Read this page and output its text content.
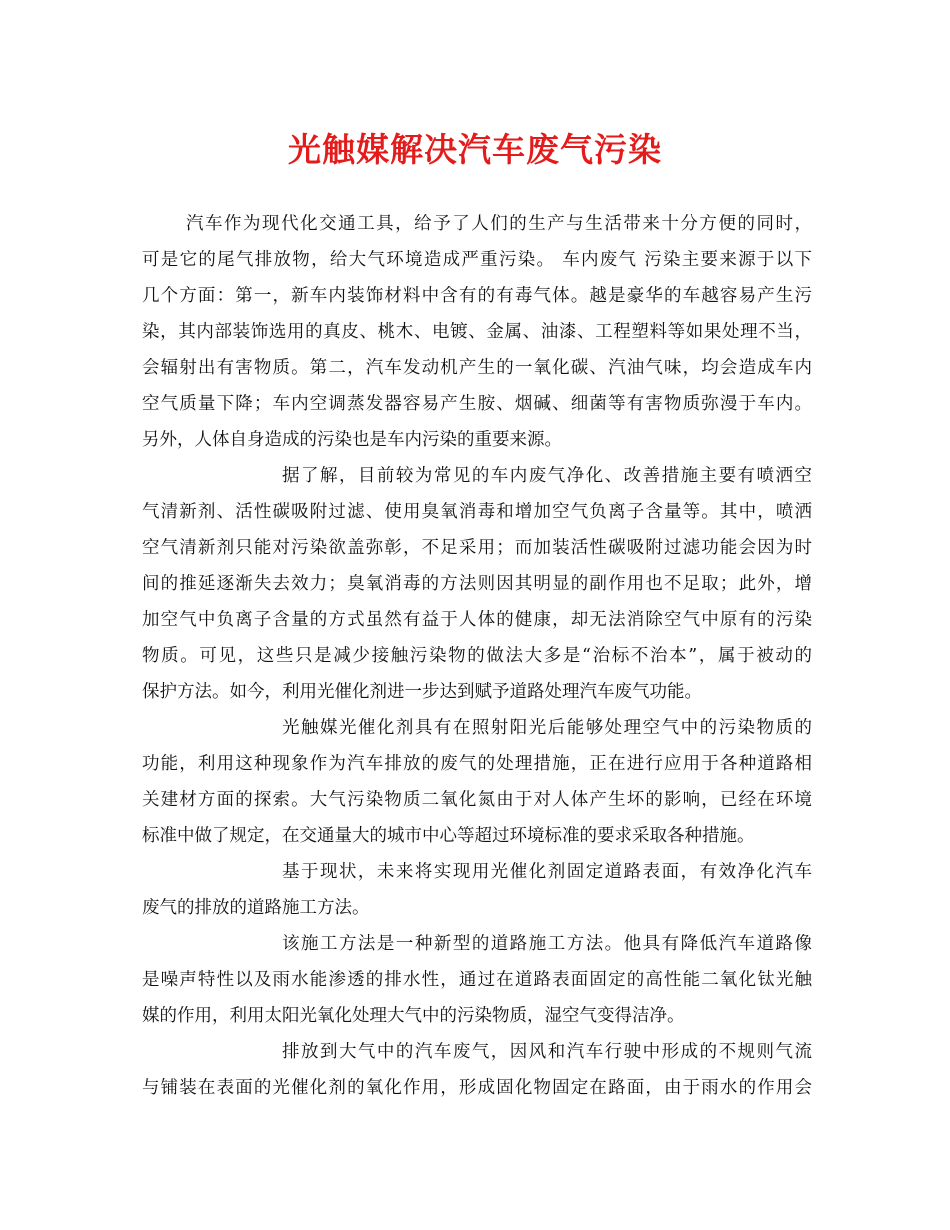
光触媒解决汽车废气污染
汽车作为现代化交通工具，给予了人们的生产与生活带来十分方便的同时，
可是它的尾气排放物，给大气环境造成严重污染。 车内废气 污染主要来源于以下
几个方面：第一，新车内装饰材料中含有的有毒气体。越是豪华的车越容易产生污
染，其内部装饰选用的真皮、桃木、电镀、金属、油漆、工程塑料等如果处理不当，
会辐射出有害物质。第二，汽车发动机产生的一氧化碳、汽油气味，均会造成车内
空气质量下降；车内空调蒸发器容易产生胺、烟碱、细菌等有害物质弥漫于车内。
另外，人体自身造成的污染也是车内污染的重要来源。
据了解，目前较为常见的车内废气净化、改善措施主要有喷洒空
气清新剂、活性碳吸附过滤、使用臭氧消毒和增加空气负离子含量等。其中，喷洒
空气清新剂只能对污染欲盖弥彰，不足采用；而加装活性碳吸附过滤功能会因为时
间的推延逐渐失去效力；臭氧消毒的方法则因其明显的副作用也不足取；此外，增
加空气中负离子含量的方式虽然有益于人体的健康，却无法消除空气中原有的污染
物质。可见，这些只是减少接触污染物的做法大多是“治标不治本”，属于被动的
保护方法。如今，利用光催化剂进一步达到赋予道路处理汽车废气功能。
光触媒光催化剂具有在照射阳光后能够处理空气中的污染物质的
功能，利用这种现象作为汽车排放的废气的处理措施，正在进行应用于各种道路相
关建材方面的探索。大气污染物质二氧化氮由于对人体产生坏的影响，已经在环境
标准中做了规定，在交通量大的城市中心等超过环境标准的要求采取各种措施。
基于现状，未来将实现用光催化剂固定道路表面，有效净化汽车
废气的排放的道路施工方法。
该施工方法是一种新型的道路施工方法。他具有降低汽车道路像
是噪声特性以及雨水能渗透的排水性，通过在道路表面固定的高性能二氧化钛光触
媒的作用，利用太阳光氧化处理大气中的污染物质，湿空气变得洁净。
排放到大气中的汽车废气，因风和汽车行驶中形成的不规则气流
与铺装在表面的光催化剂的氧化作用，形成固化物固定在路面，由于雨水的作用会
